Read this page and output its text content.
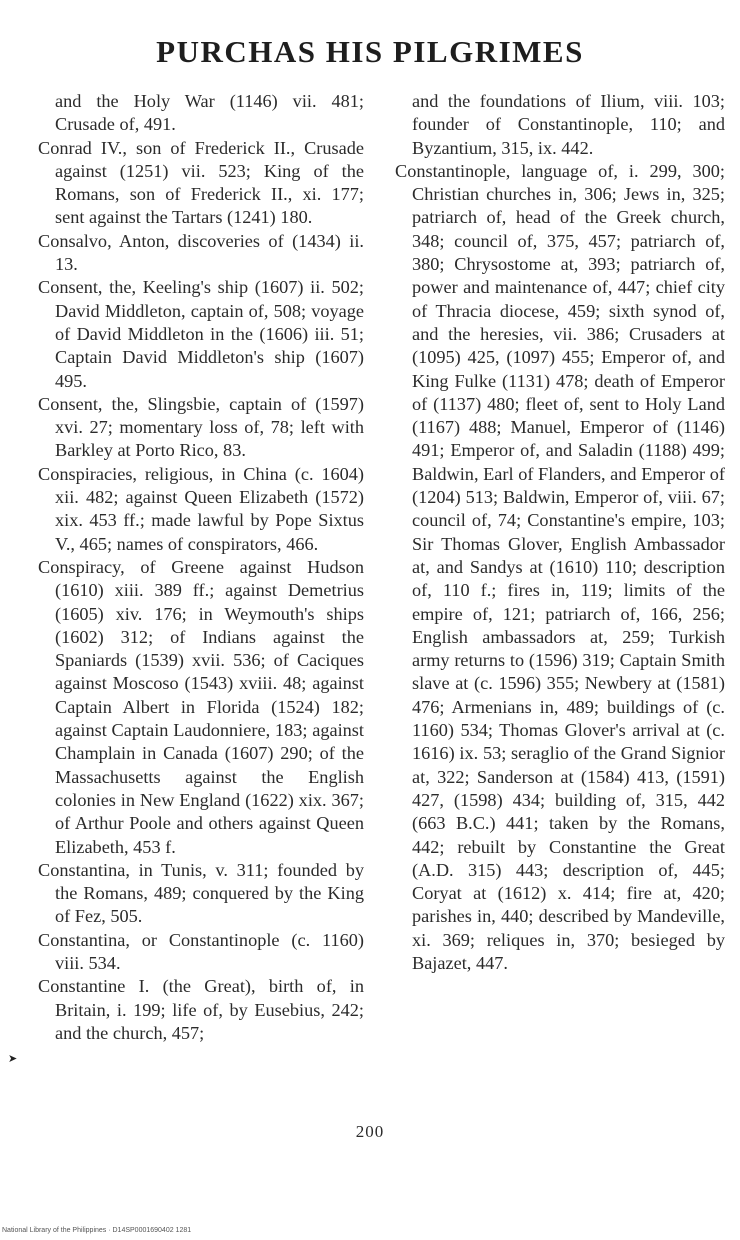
PURCHAS HIS PILGRIMES

and the Holy War (1146) vii. 481; Crusade of, 491.

Conrad IV., son of Frederick II., Crusade against (1251) vii. 523; King of the Romans, son of Frederick II., xi. 177; sent against the Tartars (1241) 180.

Consalvo, Anton, discoveries of (1434) ii. 13.

Consent, the, Keeling's ship (1607) ii. 502; David Middleton, captain of, 508; voyage of David Middleton in the (1606) iii. 51; Captain David Middleton's ship (1607) 495.

Consent, the, Slingsbie, captain of (1597) xvi. 27; momentary loss of, 78; left with Barkley at Porto Rico, 83.

Conspiracies, religious, in China (c. 1604) xii. 482; against Queen Elizabeth (1572) xix. 453 ff.; made lawful by Pope Sixtus V., 465; names of conspirators, 466.

Conspiracy, of Greene against Hudson (1610) xiii. 389 ff.; against Demetrius (1605) xiv. 176; in Weymouth's ships (1602) 312; of Indians against the Spaniards (1539) xvii. 536; of Caciques against Moscoso (1543) xviii. 48; against Captain Albert in Florida (1524) 182; against Captain Laudonniere, 183; against Champlain in Canada (1607) 290; of the Massachusetts against the English colonies in New England (1622) xix. 367; of Arthur Poole and others against Queen Elizabeth, 453 f.

Constantina, in Tunis, v. 311; founded by the Romans, 489; conquered by the King of Fez, 505.

Constantina, or Constantinople (c. 1160) viii. 534.

Constantine I. (the Great), birth of, in Britain, i. 199; life of, by Eusebius, 242; and the church, 457;

and the foundations of Ilium, viii. 103; founder of Constantinople, 110; and Byzantium, 315, ix. 442.

Constantinople, language of, i. 299, 300; Christian churches in, 306; Jews in, 325; patriarch of, head of the Greek church, 348; council of, 375, 457; patriarch of, 380; Chrysostome at, 393; patriarch of, power and maintenance of, 447; chief city of Thracia diocese, 459; sixth synod of, and the heresies, vii. 386; Crusaders at (1095) 425, (1097) 455; Emperor of, and King Fulke (1131) 478; death of Emperor of (1137) 480; fleet of, sent to Holy Land (1167) 488; Manuel, Emperor of (1146) 491; Emperor of, and Saladin (1188) 499; Baldwin, Earl of Flanders, and Emperor of (1204) 513; Baldwin, Emperor of, viii. 67; council of, 74; Constantine's empire, 103; Sir Thomas Glover, English Ambassador at, and Sandys at (1610) 110; description of, 110 f.; fires in, 119; limits of the empire of, 121; patriarch of, 166, 256; English ambassadors at, 259; Turkish army returns to (1596) 319; Captain Smith slave at (c. 1596) 355; Newbery at (1581) 476; Armenians in, 489; buildings of (c. 1160) 534; Thomas Glover's arrival at (c. 1616) ix. 53; seraglio of the Grand Signior at, 322; Sanderson at (1584) 413, (1591) 427, (1598) 434; building of, 315, 442 (663 B.C.) 441; taken by the Romans, 442; rebuilt by Constantine the Great (A.D. 315) 443; description of, 445; Coryat at (1612) x. 414; fire at, 420; parishes in, 440; described by Mandeville, xi. 369; reliques in, 370; besieged by Bajazet, 447.

➤
200
National Library of the Philippines · D14SP0001690402 1281
